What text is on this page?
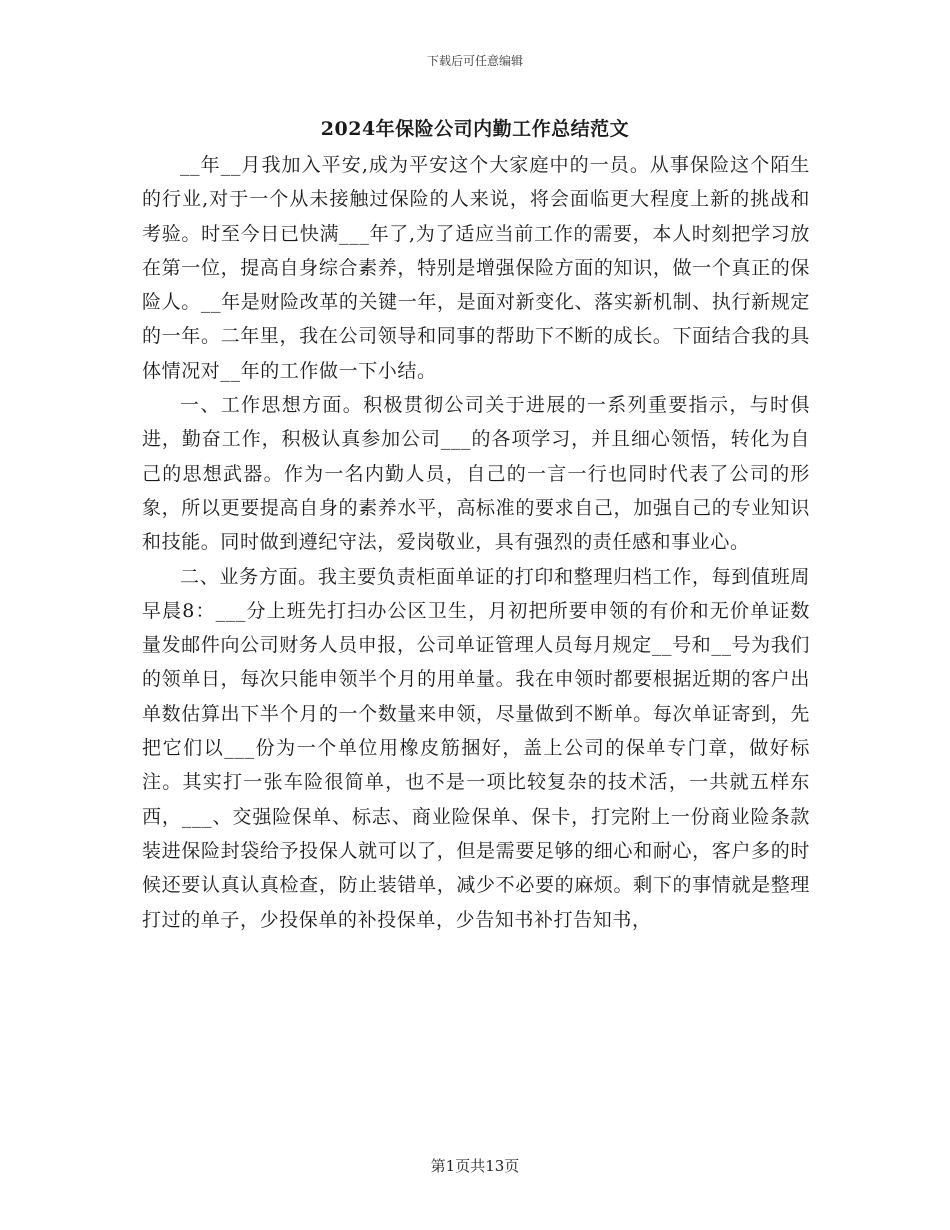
下载后可任意编辑
2024年保险公司内勤工作总结范文

__年__月我加入平安,成为平安这个大家庭中的一员。从事保险这个陌生的行业,对于一个从未接触过保险的人来说，将会面临更大程度上新的挑战和考验。时至今日已快满___年了,为了适应当前工作的需要，本人时刻把学习放在第一位，提高自身综合素养，特别是增强保险方面的知识，做一个真正的保险人。__年是财险改革的关键一年，是面对新变化、落实新机制、执行新规定的一年。二年里，我在公司领导和同事的帮助下不断的成长。下面结合我的具体情况对__年的工作做一下小结。

一、工作思想方面。积极贯彻公司关于进展的一系列重要指示，与时俱进，勤奋工作，积极认真参加公司___的各项学习，并且细心领悟，转化为自己的思想武器。作为一名内勤人员，自己的一言一行也同时代表了公司的形象，所以更要提高自身的素养水平，高标准的要求自己，加强自己的专业知识和技能。同时做到遵纪守法，爱岗敬业，具有强烈的责任感和事业心。

二、业务方面。我主要负责柜面单证的打印和整理归档工作，每到值班周早晨8：___分上班先打扫办公区卫生，月初把所要申领的有价和无价单证数量发邮件向公司财务人员申报，公司单证管理人员每月规定__号和__号为我们的领单日，每次只能申领半个月的用单量。我在申领时都要根据近期的客户出单数估算出下半个月的一个数量来申领，尽量做到不断单。每次单证寄到，先把它们以___份为一个单位用橡皮筋捆好，盖上公司的保单专门章，做好标注。其实打一张车险很简单，也不是一项比较复杂的技术活，一共就五样东西，___、交强险保单、标志、商业险保单、保卡，打完附上一份商业险条款装进保险封袋给予投保人就可以了，但是需要足够的细心和耐心，客户多的时候还要认真认真检查，防止装错单，减少不必要的麻烦。剩下的事情就是整理打过的单子，少投保单的补投保单，少告知书补打告知书，

第1页共13页
